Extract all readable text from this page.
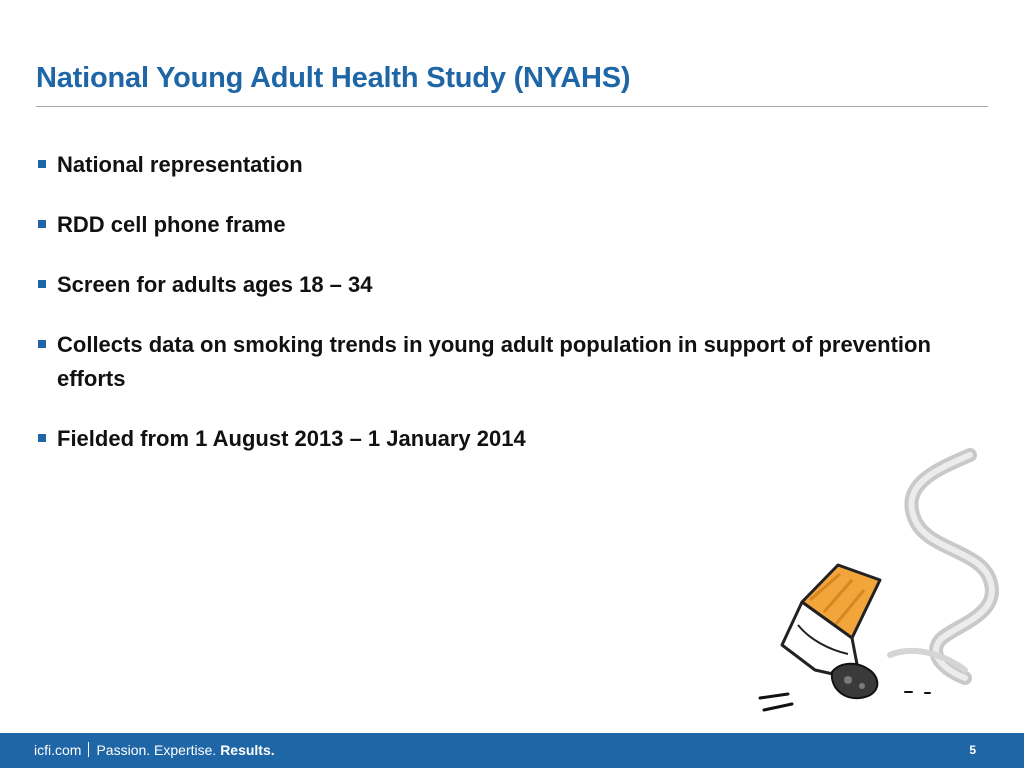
National Young Adult Health Study (NYAHS)
National representation
RDD cell phone frame
Screen for adults ages 18 – 34
Collects data on smoking trends in young adult population in support of prevention efforts
Fielded from 1 August 2013 – 1 January 2014
icfi.com Passion. Expertise. Results.	5
